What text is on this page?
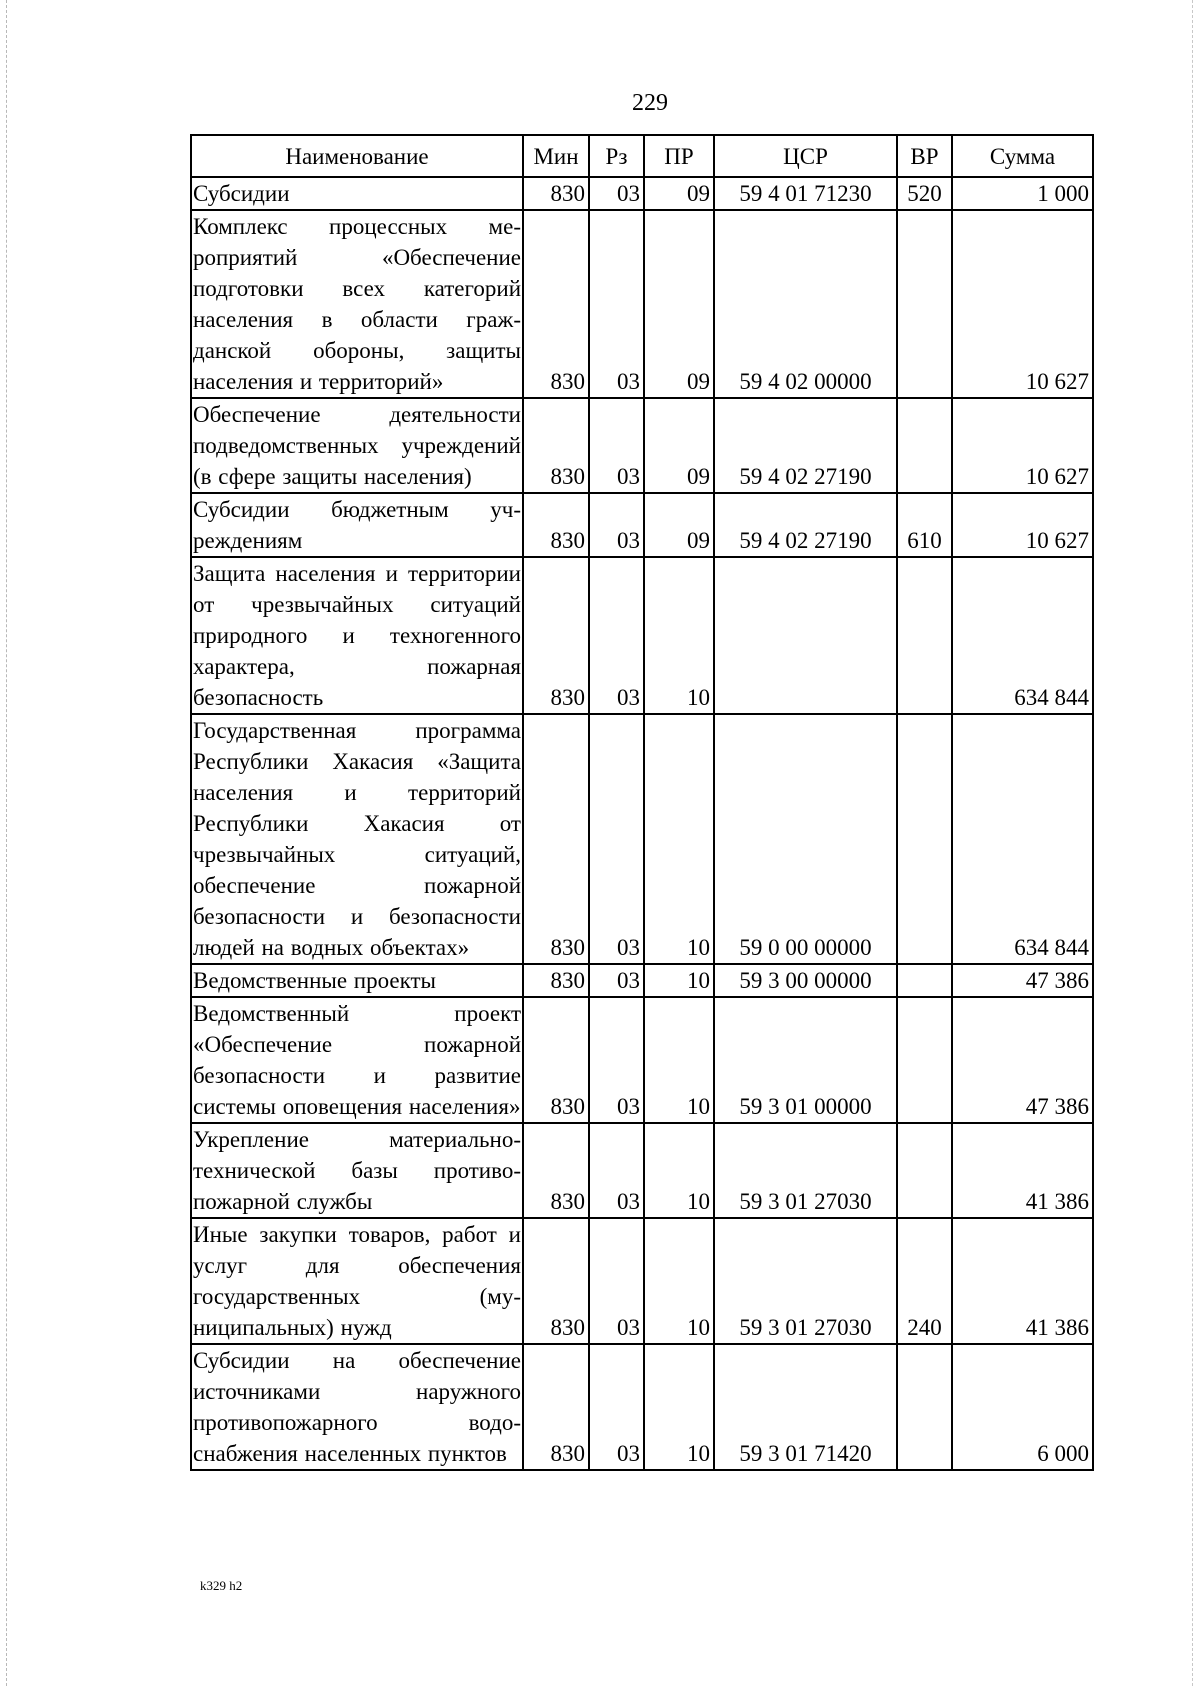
229
Наименование	Мин	Рз	ПР	ЦСР	ВР	Сумма
Субсидии	830	03	09	59 4 01 71230	520	1 000
Комплекс процессных мероприятий «Обеспечение подготовки всех категорий населения в области гражданской обороны, защиты населения и территорий»	830	03	09	59 4 02 00000		10 627
Обеспечение деятельности подведомственных учреждений (в сфере защиты населения)	830	03	09	59 4 02 27190		10 627
Субсидии бюджетным учреждениям	830	03	09	59 4 02 27190	610	10 627
Защита населения и территории от чрезвычайных ситуаций природного и техногенного характера, пожарная безопасность	830	03	10			634 844
Государственная программа Республики Хакасия «Защита населения и территорий Республики Хакасия от чрезвычайных ситуаций, обеспечение пожарной безопасности и безопасности людей на водных объектах»	830	03	10	59 0 00 00000		634 844
Ведомственные проекты	830	03	10	59 3 00 00000		47 386
Ведомственный проект «Обеспечение пожарной безопасности и развитие системы оповещения населения»	830	03	10	59 3 01 00000		47 386
Укрепление материально-технической базы противопожарной службы	830	03	10	59 3 01 27030		41 386
Иные закупки товаров, работ и услуг для обеспечения государственных (муниципальных) нужд	830	03	10	59 3 01 27030	240	41 386
Субсидии на обеспечение источниками наружного противопожарного водоснабжения населенных пунктов	830	03	10	59 3 01 71420		6 000
k329 h2
